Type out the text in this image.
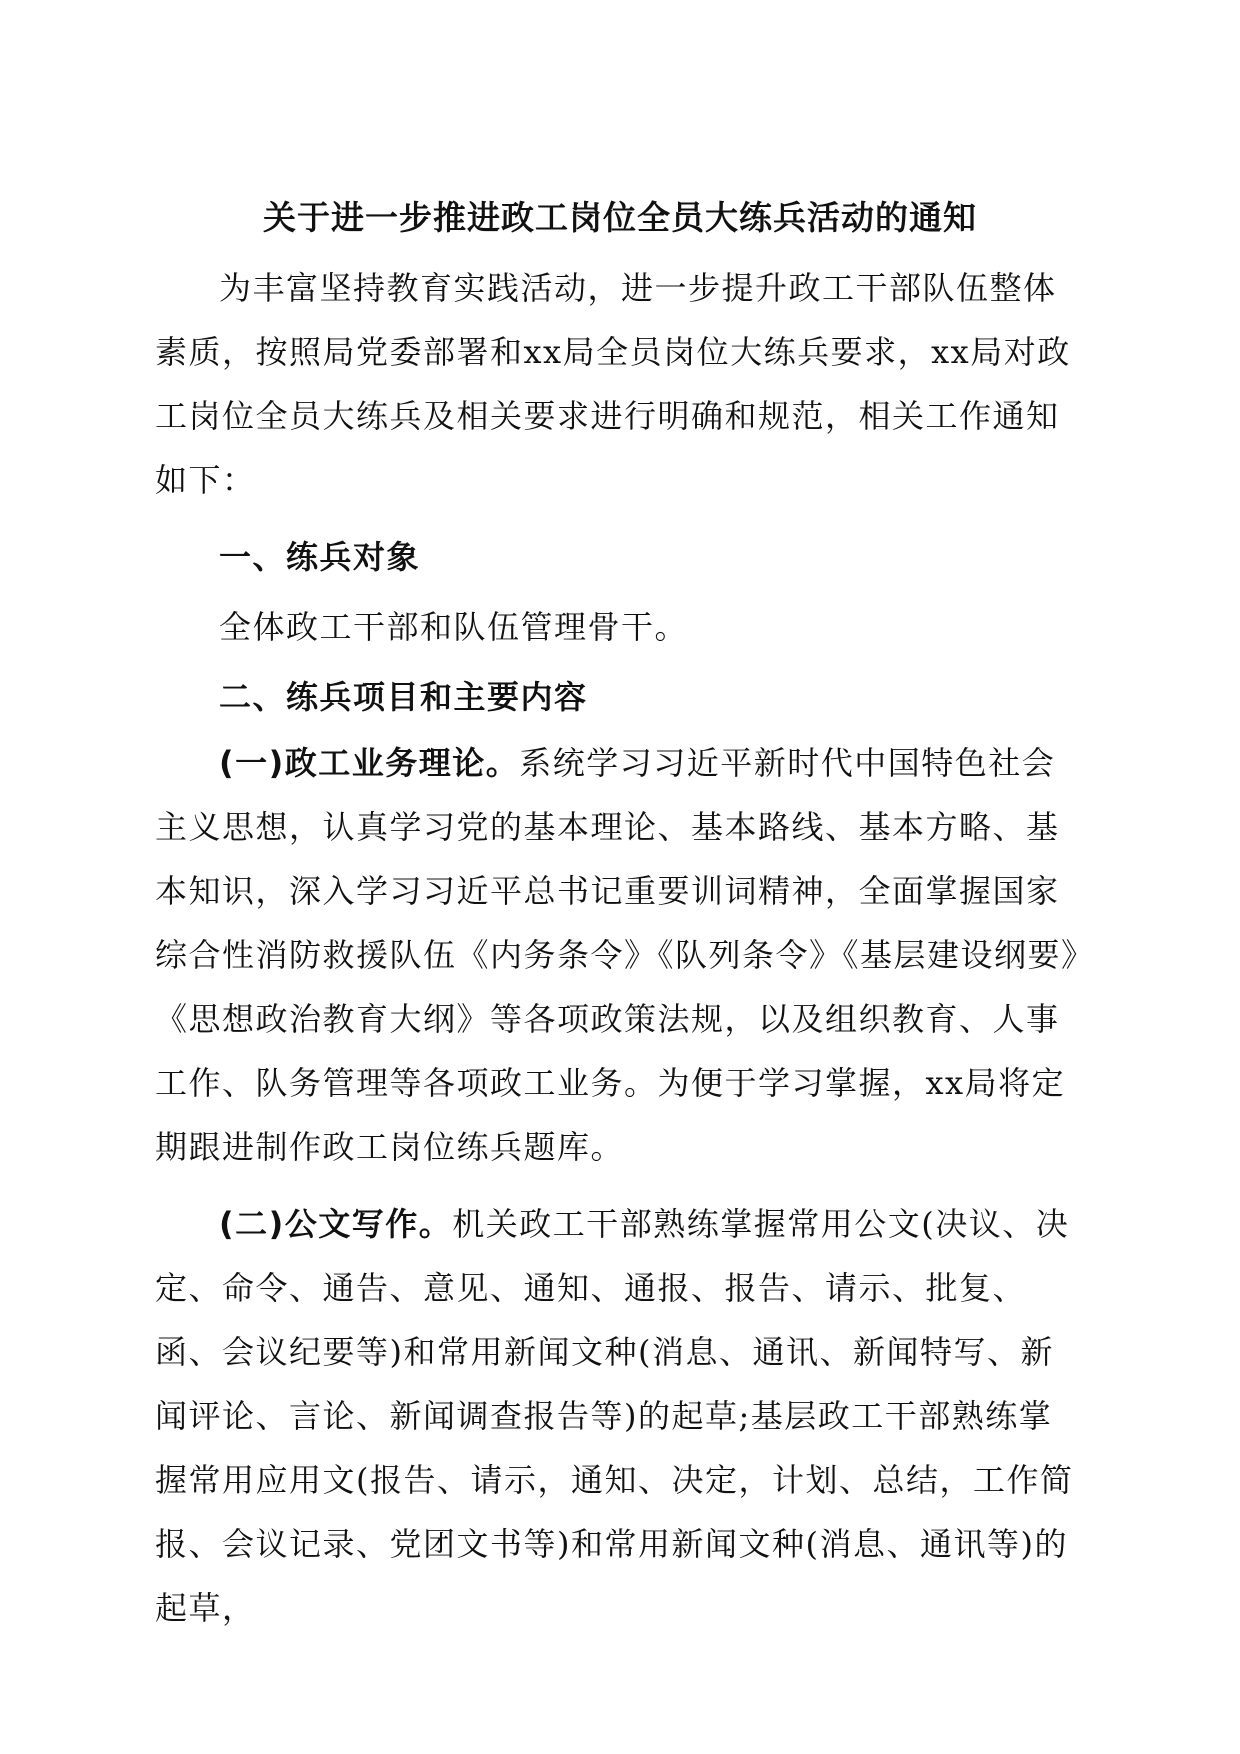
关于进一步推进政工岗位全员大练兵活动的通知

为丰富坚持教育实践活动，进一步提升政工干部队伍整体素质，按照局党委部署和xx局全员岗位大练兵要求，xx局对政工岗位全员大练兵及相关要求进行明确和规范，相关工作通知如下：

一、练兵对象

全体政工干部和队伍管理骨干。

二、练兵项目和主要内容

(一)政工业务理论。系统学习习近平新时代中国特色社会主义思想，认真学习党的基本理论、基本路线、基本方略、基本知识，深入学习习近平总书记重要训词精神，全面掌握国家综合性消防救援队伍《内务条令》《队列条令》《基层建设纲要》《思想政治教育大纲》等各项政策法规，以及组织教育、人事工作、队务管理等各项政工业务。为便于学习掌握，xx局将定期跟进制作政工岗位练兵题库。

(二)公文写作。机关政工干部熟练掌握常用公文(决议、决定、命令、通告、意见、通知、通报、报告、请示、批复、函、会议纪要等)和常用新闻文种(消息、通讯、新闻特写、新闻评论、言论、新闻调查报告等)的起草;基层政工干部熟练掌握常用应用文(报告、请示，通知、决定，计划、总结，工作简报、会议记录、党团文书等)和常用新闻文种(消息、通讯等)的起草，
